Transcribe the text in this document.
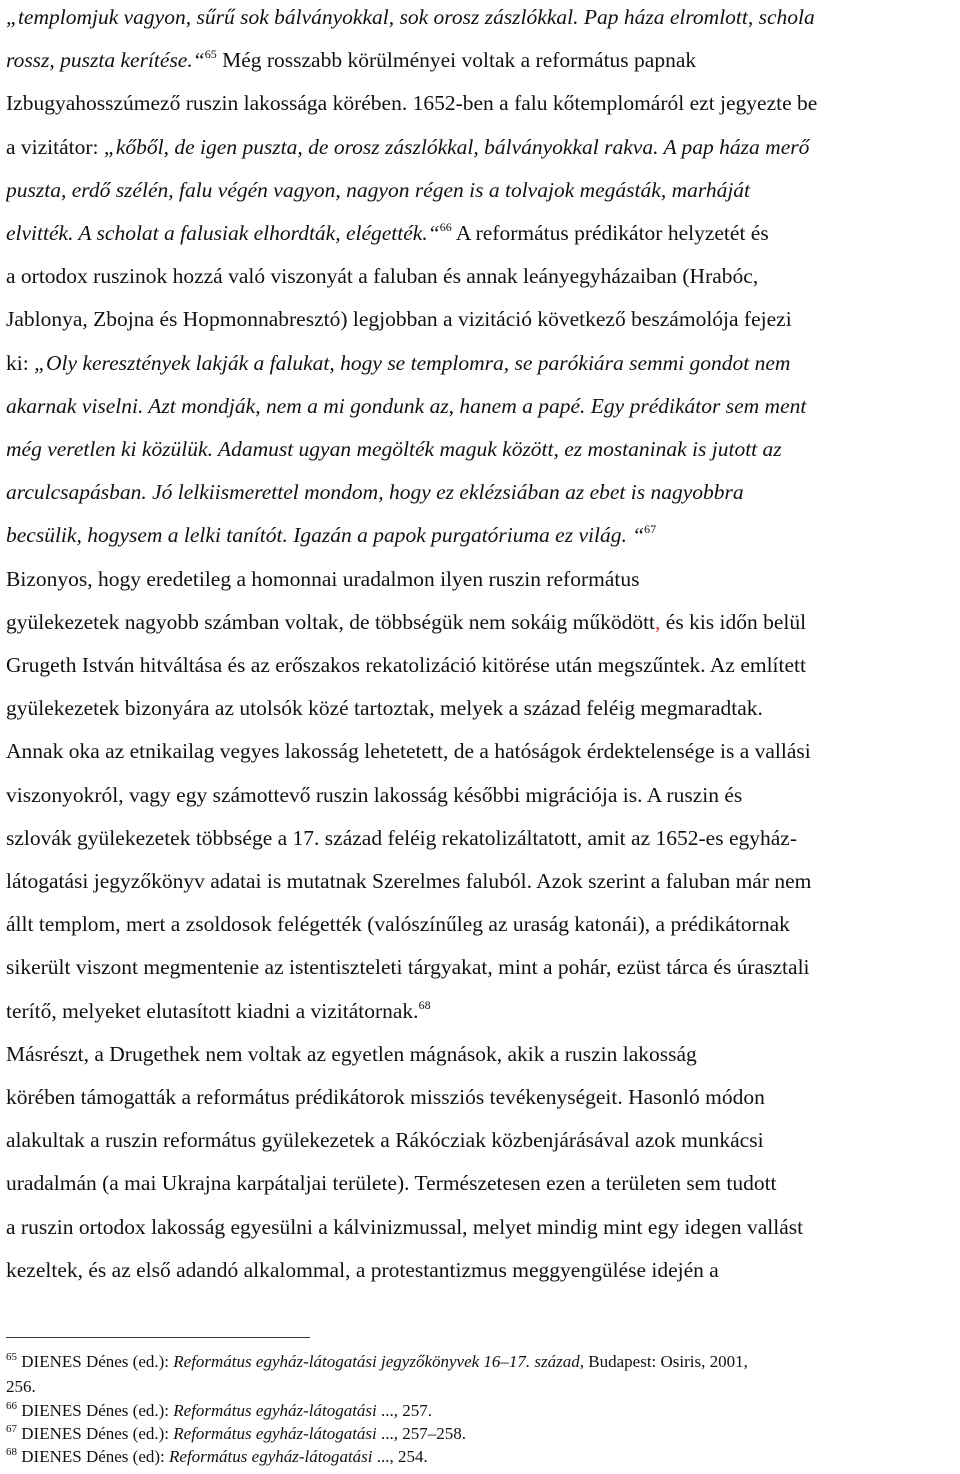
„templomjuk vagyon, sűrű sok bálványokkal, sok orosz zászlókkal. Pap háza elromlott, schola
rossz, puszta kerítése.“$^{65}$ Még rosszabb körülményei voltak a református papnak
Izbugyahosszúmező ruszin lakossága körében. 1652-ben a falu kőtemplomáról ezt jegyezte be
a vizitátor: „kőből, de igen puszta, de orosz zászlókkal, bálványokkal rakva. A pap háza merő
puszta, erdő szélén, falu végén vagyon, nagyon régen is a tolvajok megásták, marháját
elvitték. A scholat a falusiak elhordták, elégették.“$^{66}$ A református prédikátor helyzetét és
a ortodox ruszinok hozzá való viszonyát a faluban és annak leányegyházaiban (Hrabóc,
Jablonya, Zbojna és Hopmonnabresztó) legjobban a vizitáció következő beszámolója fejezi
ki: „Oly keresztények lakják a falukat, hogy se templomra, se parókiára semmi gondot nem
akarnak viselni. Azt mondják, nem a mi gondunk az, hanem a papé. Egy prédikátor sem ment
még veretlen ki közülük. Adamust ugyan megölték maguk között, ez mostaninak is jutott az
arculcsapásban. Jó lelkiismerettel mondom, hogy ez eklézsiában az ebet is nagyobbra
becsülik, hogysem a lelki tanítót. Igazán a papok purgatóriuma ez világ. “$^{67}$
Bizonyos, hogy eredetileg a homonnai uradalmon ilyen ruszin református
gyülekezetek nagyobb számban voltak, de többségük nem sokáig működött, és kis időn belül
Grugeth István hitváltása és az erőszakos rekatolizáció kitörése után megszűntek. Az említett
gyülekezetek bizonyára az utolsók közé tartoztak, melyek a század feléig megmaradtak.
Annak oka az etnikailag vegyes lakosság lehetetett, de a hatóságok érdektelensége is a vallási
viszonyokról, vagy egy számottevő ruszin lakosság későbbi migrációja is. A ruszin és
szlovák gyülekezetek többsége a 17. század feléig rekatolizáltatott, amit az 1652-es egyház-
látogatási jegyzőkönyv adatai is mutatnak Szerelmes faluból. Azok szerint a faluban már nem
állt templom, mert a zsoldosok felégették (valószínűleg az uraság katonái), a prédikátornak
sikerült viszont megmentenie az istentiszteleti tárgyakat, mint a pohár, ezüst tárca és úrasztali
terítő, melyeket elutasított kiadni a vizitátornak.$^{68}$
Másrészt, a Drugethek nem voltak az egyetlen mágnások, akik a ruszin lakosság
körében támogatták a református prédikátorok missziós tevékenységeit. Hasonló módon
alakultak a ruszin református gyülekezetek a Rákócziak közbenjárásával azok munkácsi
uradalmán (a mai Ukrajna karpátaljai területe). Természetesen ezen a területen sem tudott
a ruszin ortodox lakosság egyesülni a kálvinizmussal, melyet mindig mint egy idegen vallást
kezeltek, és az első adandó alkalommal, a protestantizmus meggyengülése idején a
$^{65}$ DIENES Dénes (ed.): Református egyház-látogatási jegyzőkönyvek 16–17. század, Budapest: Osiris, 2001,
256.
$^{66}$ DIENES Dénes (ed.): Református egyház-látogatási ..., 257.
$^{67}$ DIENES Dénes (ed.): Református egyház-látogatási ..., 257–258.
$^{68}$ DIENES Dénes (ed): Református egyház-látogatási ..., 254.
